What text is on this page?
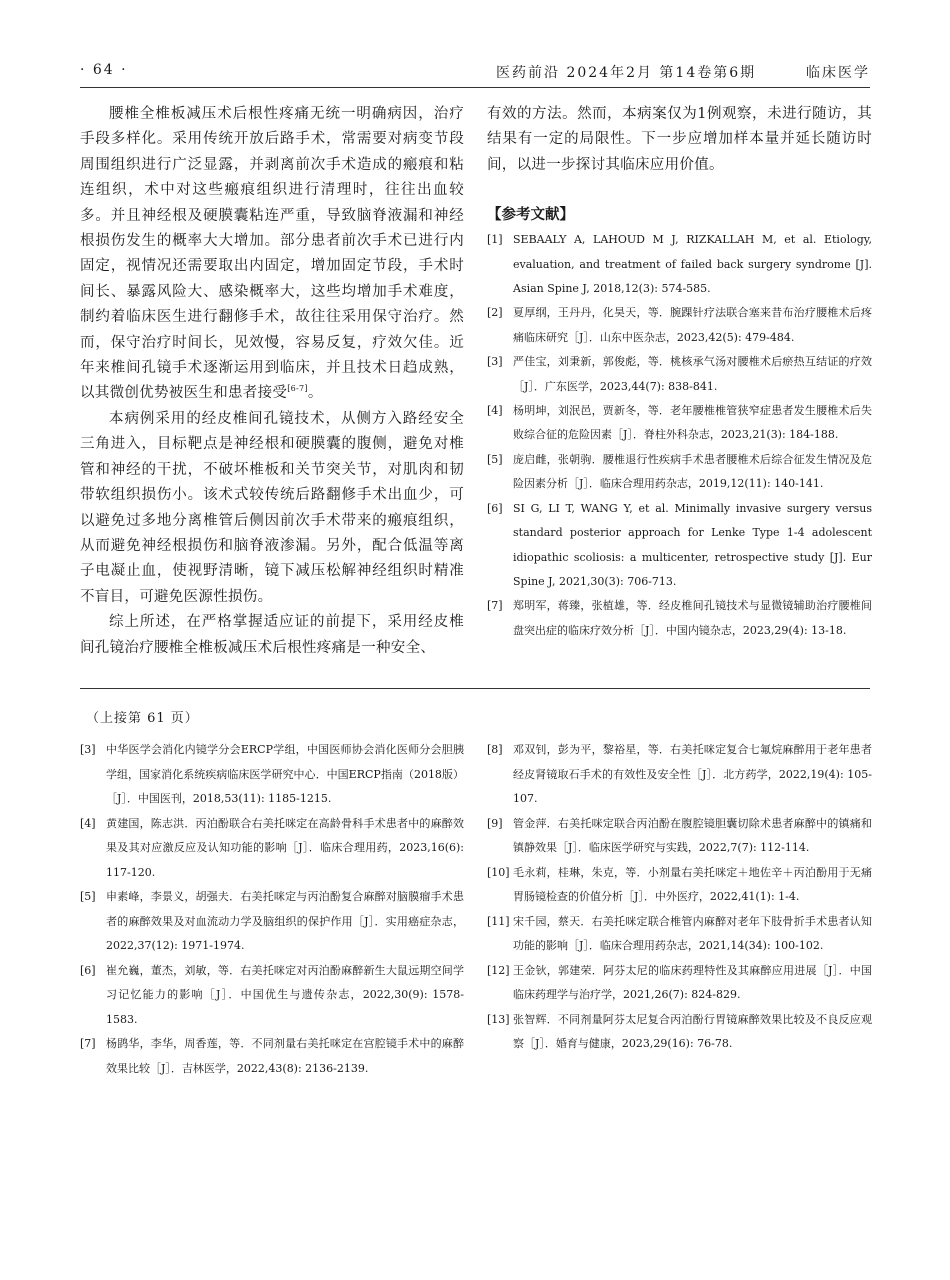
· 64 ·	医药前沿 2024年2月 第14卷第6期	临床医学

腰椎全椎板减压术后根性疼痛无统一明确病因，治疗手段多样化。采用传统开放后路手术，常需要对病变节段周围组织进行广泛显露，并剥离前次手术造成的瘢痕和粘连组织，术中对这些瘢痕组织进行清理时，往往出血较多。并且神经根及硬膜囊粘连严重，导致脑脊液漏和神经根损伤发生的概率大大增加。部分患者前次手术已进行内固定，视情况还需要取出内固定，增加固定节段，手术时间长、暴露风险大、感染概率大，这些均增加手术难度，制约着临床医生进行翻修手术，故往往采用保守治疗。然而，保守治疗时间长，见效慢，容易反复，疗效欠佳。近年来椎间孔镜手术逐渐运用到临床，并且技术日趋成熟，以其微创优势被医生和患者接受[6-7]。

本病例采用的经皮椎间孔镜技术，从侧方入路经安全三角进入，目标靶点是神经根和硬膜囊的腹侧，避免对椎管和神经的干扰，不破坏椎板和关节突关节，对肌肉和韧带软组织损伤小。该术式较传统后路翻修手术出血少，可以避免过多地分离椎管后侧因前次手术带来的瘢痕组织，从而避免神经根损伤和脑脊液渗漏。另外，配合低温等离子电凝止血，使视野清晰，镜下减压松解神经组织时精准不盲目，可避免医源性损伤。

综上所述，在严格掌握适应证的前提下，采用经皮椎间孔镜治疗腰椎全椎板减压术后根性疼痛是一种安全、

有效的方法。然而，本病案仅为1例观察，未进行随访，其结果有一定的局限性。下一步应增加样本量并延长随访时间，以进一步探讨其临床应用价值。

【参考文献】
[1] SEBAALY A, LAHOUD M J, RIZKALLAH M, et al. Etiology, evaluation, and treatment of failed back surgery syndrome [J]. Asian Spine J, 2018,12(3): 574-585.
[2] 夏厚纲，王丹丹，化昊天，等．腕踝针疗法联合塞来昔布治疗腰椎术后疼痛临床研究［J］．山东中医杂志，2023,42(5): 479-484.
[3] 严佳宝，刘秉新，郭俊彪，等．桃核承气汤对腰椎术后瘀热互结证的疗效［J］．广东医学，2023,44(7): 838-841.
[4] 杨明坤，刘泯邑，贾新冬，等．老年腰椎椎管狭窄症患者发生腰椎术后失败综合征的危险因素［J］．脊柱外科杂志，2023,21(3): 184-188.
[5] 庞启雌，张朝驹．腰椎退行性疾病手术患者腰椎术后综合征发生情况及危险因素分析［J］．临床合理用药杂志，2019,12(11): 140-141.
[6] SI G, LI T, WANG Y, et al. Minimally invasive surgery versus standard posterior approach for Lenke Type 1-4 adolescent idiopathic scoliosis: a multicenter, retrospective study [J]. Eur Spine J, 2021,30(3): 706-713.
[7] 郑明军，蒋臻，张植雄，等．经皮椎间孔镜技术与显微镜辅助治疗腰椎间盘突出症的临床疗效分析［J］．中国内镜杂志，2023,29(4): 13-18.
（上接第 61 页）
[3] 中华医学会消化内镜学分会ERCP学组，中国医师协会消化医师分会胆胰学组，国家消化系统疾病临床医学研究中心．中国ERCP指南（2018版）［J］．中国医刊，2018,53(11): 1185-1215.
[4] 黄建国，陈志洪．丙泊酚联合右美托咪定在高龄骨科手术患者中的麻醉效果及其对应激反应及认知功能的影响［J］．临床合理用药，2023,16(6): 117-120.
[5] 申素峰，李景义，胡强夫．右美托咪定与丙泊酚复合麻醉对脑膜瘤手术患者的麻醉效果及对血流动力学及脑组织的保护作用［J］．实用癌症杂志，2022,37(12): 1971-1974.
[6] 崔允巍，董杰，刘敏，等．右美托咪定对丙泊酚麻醉新生大鼠远期空间学习记忆能力的影响［J］．中国优生与遗传杂志，2022,30(9): 1578-1583.
[7] 杨鹍华，李华，周香莲，等．不同剂量右美托咪定在宫腔镜手术中的麻醉效果比较［J］．吉林医学，2022,43(8): 2136-2139.
[8] 邓双钊，彭为平，黎裕星，等．右美托咪定复合七氟烷麻醉用于老年患者经皮肾镜取石手术的有效性及安全性［J］．北方药学，2022,19(4): 105-107.
[9] 管金萍．右美托咪定联合丙泊酚在腹腔镜胆囊切除术患者麻醉中的镇痛和镇静效果［J］．临床医学研究与实践，2022,7(7): 112-114.
[10] 毛永莉，桂琳，朱克，等．小剂量右美托咪定＋地佐辛＋丙泊酚用于无痛胃肠镜检查的价值分析［J］．中外医疗，2022,41(1): 1-4.
[11] 宋千园，蔡天．右美托咪定联合椎管内麻醉对老年下肢骨折手术患者认知功能的影响［J］．临床合理用药杂志，2021,14(34): 100-102.
[12] 王金钬，郭建荣．阿芬太尼的临床药理特性及其麻醉应用进展［J］．中国临床药理学与治疗学，2021,26(7): 824-829.
[13] 张智辉．不同剂量阿芬太尼复合丙泊酚行胃镜麻醉效果比较及不良反应观察［J］．婚育与健康，2023,29(16): 76-78.
